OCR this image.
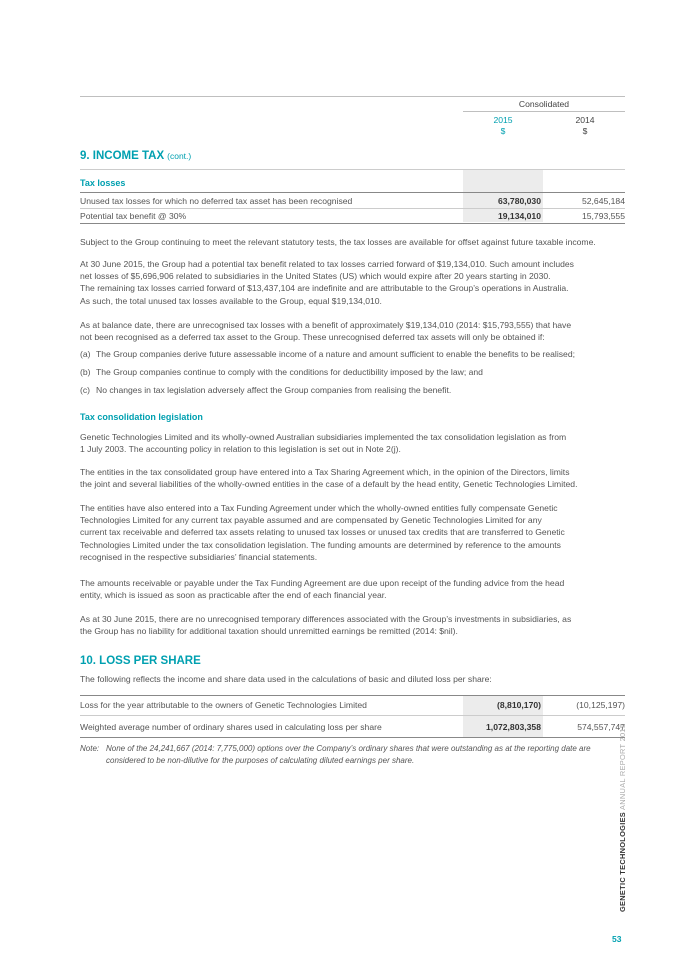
Consolidated
2015
$
2014
$
9. INCOME TAX (cont.)
Tax losses
Unused tax losses for which no deferred tax asset has been recognised	63,780,030	52,645,184
Potential tax benefit @ 30%	19,134,010	15,793,555
Subject to the Group continuing to meet the relevant statutory tests, the tax losses are available for offset against future taxable income.
At 30 June 2015, the Group had a potential tax benefit related to tax losses carried forward of $19,134,010. Such amount includes
net losses of $5,696,906 related to subsidiaries in the United States (US) which would expire after 20 years starting in 2030.
The remaining tax losses carried forward of $13,437,104 are indefinite and are attributable to the Group’s operations in Australia.
As such, the total unused tax losses available to the Group, equal $19,134,010.
As at balance date, there are unrecognised tax losses with a benefit of approximately $19,134,010 (2014: $15,793,555) that have
not been recognised as a deferred tax asset to the Group. These unrecognised deferred tax assets will only be obtained if:
(a) The Group companies derive future assessable income of a nature and amount sufficient to enable the benefits to be realised;
(b) The Group companies continue to comply with the conditions for deductibility imposed by the law; and
(c) No changes in tax legislation adversely affect the Group companies from realising the benefit.
Tax consolidation legislation
Genetic Technologies Limited and its wholly-owned Australian subsidiaries implemented the tax consolidation legislation as from
1 July 2003. The accounting policy in relation to this legislation is set out in Note 2(j).
The entities in the tax consolidated group have entered into a Tax Sharing Agreement which, in the opinion of the Directors, limits
the joint and several liabilities of the wholly-owned entities in the case of a default by the head entity, Genetic Technologies Limited.
The entities have also entered into a Tax Funding Agreement under which the wholly-owned entities fully compensate Genetic
Technologies Limited for any current tax payable assumed and are compensated by Genetic Technologies Limited for any
current tax receivable and deferred tax assets relating to unused tax losses or unused tax credits that are transferred to Genetic
Technologies Limited under the tax consolidation legislation. The funding amounts are determined by reference to the amounts
recognised in the respective subsidiaries’ financial statements.
The amounts receivable or payable under the Tax Funding Agreement are due upon receipt of the funding advice from the head
entity, which is issued as soon as practicable after the end of each financial year.
As at 30 June 2015, there are no unrecognised temporary differences associated with the Group’s investments in subsidiaries, as
the Group has no liability for additional taxation should unremitted earnings be remitted (2014: $nil).
10. LOSS PER SHARE
The following reflects the income and share data used in the calculations of basic and diluted loss per share:
Loss for the year attributable to the owners of Genetic Technologies Limited	(8,810,170)	(10,125,197)
Weighted average number of ordinary shares used in calculating loss per share	1,072,803,358	574,557,747
Note: None of the 24,241,667 (2014: 7,775,000) options over the Company’s ordinary shares that were outstanding as at the reporting date are
considered to be non-dilutive for the purposes of calculating diluted earnings per share.
GENETIC TECHNOLOGIESANNUAL REPORT 2015
53
